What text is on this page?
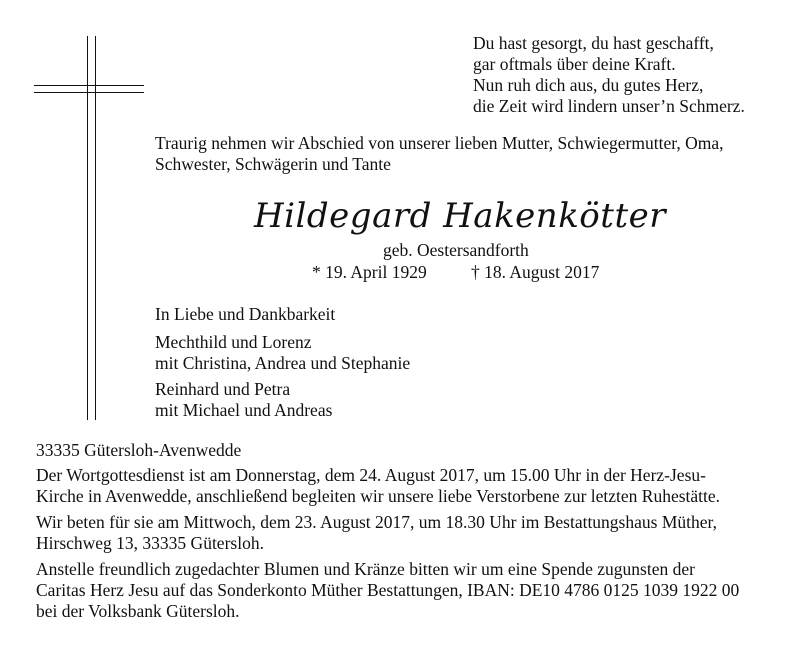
Du hast gesorgt, du hast geschafft,
gar oftmals über deine Kraft.
Nun ruh dich aus, du gutes Herz,
die Zeit wird lindern unser’n Schmerz.
Traurig nehmen wir Abschied von unserer lieben Mutter, Schwiegermutter, Oma,
Schwester, Schwägerin und Tante
Hildegard Hakenkötter
geb. Oestersandforth
* 19. April 1929	† 18. August 2017
In Liebe und Dankbarkeit
Mechthild und Lorenz
mit Christina, Andrea und Stephanie
Reinhard und Petra
mit Michael und Andreas
33335 Gütersloh-Avenwedde
Der Wortgottesdienst ist am Donnerstag, dem 24. August 2017, um 15.00 Uhr in der Herz-Jesu-
Kirche in Avenwedde, anschließend begleiten wir unsere liebe Verstorbene zur letzten Ruhestätte.
Wir beten für sie am Mittwoch, dem 23. August 2017, um 18.30 Uhr im Bestattungshaus Müther,
Hirschweg 13, 33335 Gütersloh.
Anstelle freundlich zugedachter Blumen und Kränze bitten wir um eine Spende zugunsten der
Caritas Herz Jesu auf das Sonderkonto Müther Bestattungen, IBAN: DE10 4786 0125 1039 1922 00
bei der Volksbank Gütersloh.
